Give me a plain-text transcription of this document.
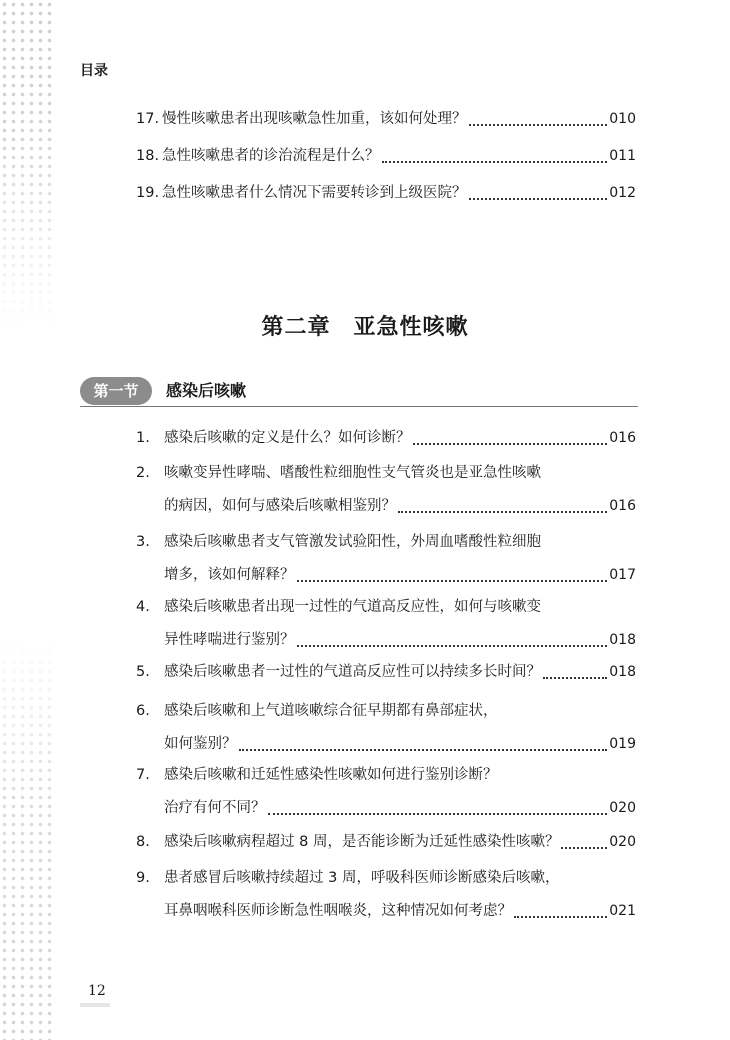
目录
17. 慢性咳嗽患者出现咳嗽急性加重，该如何处理？	010
18. 急性咳嗽患者的诊治流程是什么？	011
19. 急性咳嗽患者什么情况下需要转诊到上级医院？	012
第二章　亚急性咳嗽
第一节	感染后咳嗽
1. 感染后咳嗽的定义是什么？如何诊断？	016
2. 咳嗽变异性哮喘、嗜酸性粒细胞性支气管炎也是亚急性咳嗽
的病因，如何与感染后咳嗽相鉴别？	016
3. 感染后咳嗽患者支气管激发试验阳性，外周血嗜酸性粒细胞
增多，该如何解释？	017
4. 感染后咳嗽患者出现一过性的气道高反应性，如何与咳嗽变
异性哮喘进行鉴别？	018
5. 感染后咳嗽患者一过性的气道高反应性可以持续多长时间？	018
6. 感染后咳嗽和上气道咳嗽综合征早期都有鼻部症状，
如何鉴别？	019
7. 感染后咳嗽和迁延性感染性咳嗽如何进行鉴别诊断？
治疗有何不同？	020
8. 感染后咳嗽病程超过 8 周，是否能诊断为迁延性感染性咳嗽？	020
9. 患者感冒后咳嗽持续超过 3 周，呼吸科医师诊断感染后咳嗽，
耳鼻咽喉科医师诊断急性咽喉炎，这种情况如何考虑？	021
12
